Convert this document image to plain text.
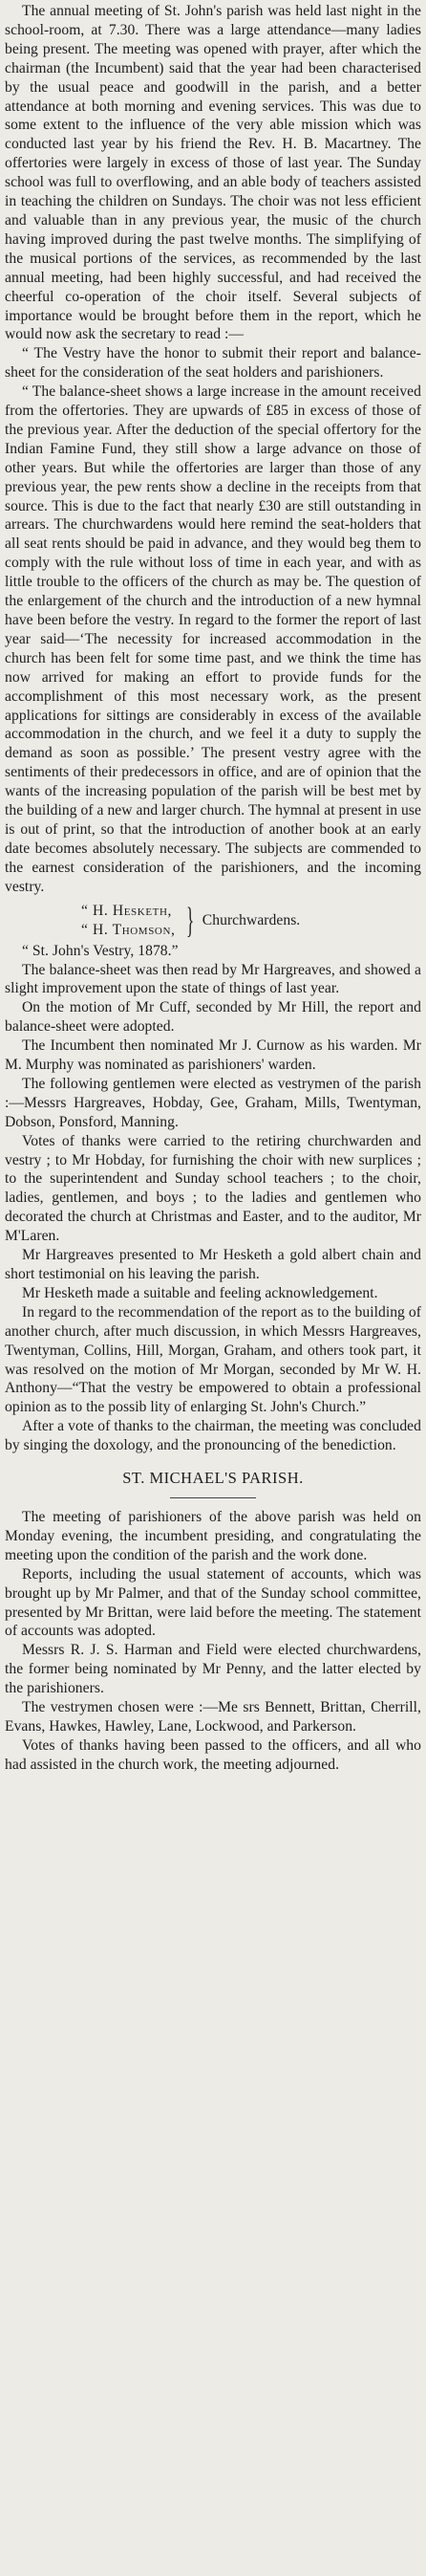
The annual meeting of St. John's parish was held last night in the school-room, at 7.30. There was a large attendance—many ladies being present. The meeting was opened with prayer, after which the chairman (the Incumbent) said that the year had been characterised by the usual peace and goodwill in the parish, and a better attendance at both morning and evening services. This was due to some extent to the influence of the very able mission which was conducted last year by his friend the Rev. H. B. Macartney. The offertories were largely in excess of those of last year. The Sunday school was full to overflowing, and an able body of teachers assisted in teaching the children on Sundays. The choir was not less efficient and valuable than in any previous year, the music of the church having improved during the past twelve months. The simplifying of the musical portions of the services, as recommended by the last annual meeting, had been highly successful, and had received the cheerful co-operation of the choir itself. Several subjects of importance would be brought before them in the report, which he would now ask the secretary to read :—

“ The Vestry have the honor to submit their report and balance-sheet for the consideration of the seat holders and parishioners.

“ The balance-sheet shows a large increase in the amount received from the offertories. They are upwards of £85 in excess of those of the previous year. After the deduction of the special offertory for the Indian Famine Fund, they still show a large advance on those of other years. But while the offertories are larger than those of any previous year, the pew rents show a decline in the receipts from that source. This is due to the fact that nearly £30 are still outstanding in arrears. The churchwardens would here remind the seat-holders that all seat rents should be paid in advance, and they would beg them to comply with the rule without loss of time in each year, and with as little trouble to the officers of the church as may be. The question of the enlargement of the church and the introduction of a new hymnal have been before the vestry. In regard to the former the report of last year said—‘The necessity for increased accommodation in the church has been felt for some time past, and we think the time has now arrived for making an effort to provide funds for the accomplishment of this most necessary work, as the present applications for sittings are considerably in excess of the available accommodation in the church, and we feel it a duty to supply the demand as soon as possible.’ The present vestry agree with the sentiments of their predecessors in office, and are of opinion that the wants of the increasing population of the parish will be best met by the building of a new and larger church. The hymnal at present in use is out of print, so that the introduction of another book at an early date becomes absolutely necessary. The subjects are commended to the earnest consideration of the parishioners, and the incoming vestry.

“ H. Hesketh,
“ H. Thomson, } Churchwardens.

“ St. John's Vestry, 1878.”

The balance-sheet was then read by Mr Hargreaves, and showed a slight improvement upon the state of things of last year.

On the motion of Mr Cuff, seconded by Mr Hill, the report and balance-sheet were adopted.

The Incumbent then nominated Mr J. Curnow as his warden. Mr M. Murphy was nominated as parishioners' warden.

The following gentlemen were elected as vestrymen of the parish :—Messrs Hargreaves, Hobday, Gee, Graham, Mills, Twentyman, Dobson, Ponsford, Manning.

Votes of thanks were carried to the retiring churchwarden and vestry ; to Mr Hobday, for furnishing the choir with new surplices ; to the superintendent and Sunday school teachers ; to the choir, ladies, gentlemen, and boys ; to the ladies and gentlemen who decorated the church at Christmas and Easter, and to the auditor, Mr M'Laren.

Mr Hargreaves presented to Mr Hesketh a gold albert chain and short testimonial on his leaving the parish.

Mr Hesketh made a suitable and feeling acknowledgement.

In regard to the recommendation of the report as to the building of another church, after much discussion, in which Messrs Hargreaves, Twentyman, Collins, Hill, Morgan, Graham, and others took part, it was resolved on the motion of Mr Morgan, seconded by Mr W. H. Anthony—“That the vestry be empowered to obtain a professional opinion as to the possib lity of enlarging St. John's Church.”

After a vote of thanks to the chairman, the meeting was concluded by singing the doxology, and the pronouncing of the benediction.

ST. MICHAEL'S PARISH.

The meeting of parishioners of the above parish was held on Monday evening, the incumbent presiding, and congratulating the meeting upon the condition of the parish and the work done.

Reports, including the usual statement of accounts, which was brought up by Mr Palmer, and that of the Sunday school committee, presented by Mr Brittan, were laid before the meeting. The statement of accounts was adopted.

Messrs R. J. S. Harman and Field were elected churchwardens, the former being nominated by Mr Penny, and the latter elected by the parishioners.

The vestrymen chosen were :—Me srs Bennett, Brittan, Cherrill, Evans, Hawkes, Hawley, Lane, Lockwood, and Parkerson.

Votes of thanks having been passed to the officers, and all who had assisted in the church work, the meeting adjourned.
